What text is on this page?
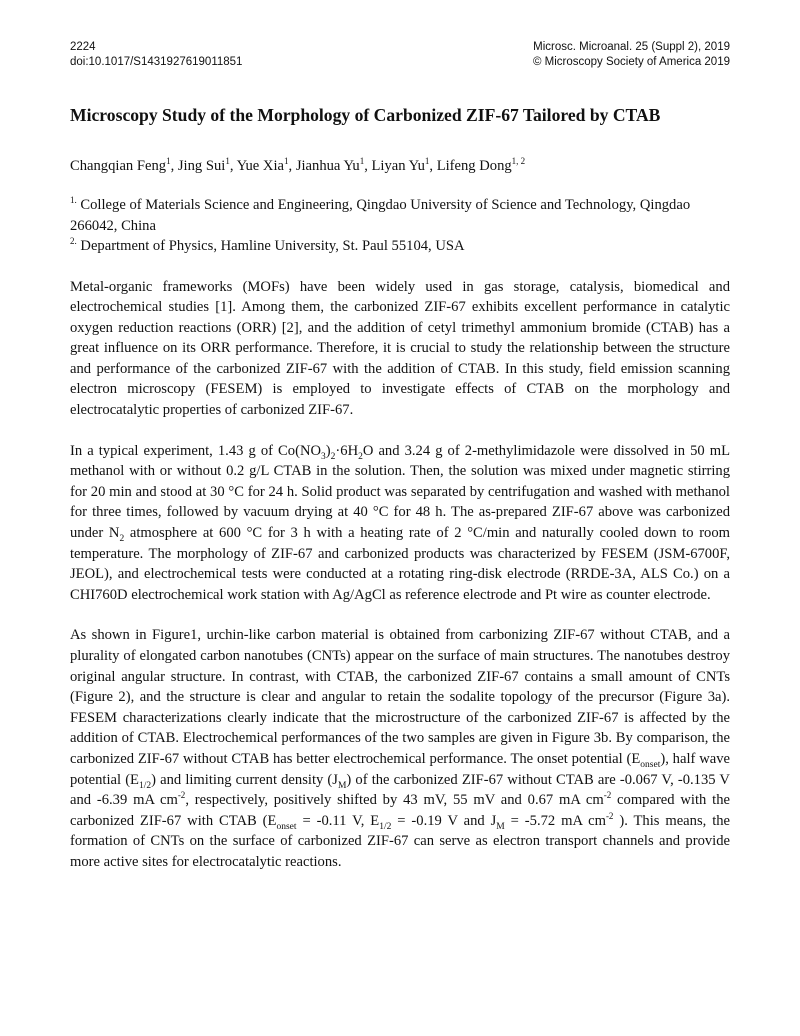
2224
doi:10.1017/S1431927619011851
Microsc. Microanal. 25 (Suppl 2), 2019
© Microscopy Society of America 2019
Microscopy Study of the Morphology of Carbonized ZIF-67 Tailored by CTAB
Changqian Feng$^1$, Jing Sui$^1$, Yue Xia$^1$, Jianhua Yu$^1$, Liyan Yu$^1$, Lifeng Dong$^{1, 2}$
$^{1.}$ College of Materials Science and Engineering, Qingdao University of Science and Technology, Qingdao 266042, China
$^{2.}$ Department of Physics, Hamline University, St. Paul 55104, USA
Metal-organic frameworks (MOFs) have been widely used in gas storage, catalysis, biomedical and electrochemical studies [1]. Among them, the carbonized ZIF-67 exhibits excellent performance in catalytic oxygen reduction reactions (ORR) [2], and the addition of cetyl trimethyl ammonium bromide (CTAB) has a great influence on its ORR performance. Therefore, it is crucial to study the relationship between the structure and performance of the carbonized ZIF-67 with the addition of CTAB. In this study, field emission scanning electron microscopy (FESEM) is employed to investigate effects of CTAB on the morphology and electrocatalytic properties of carbonized ZIF-67.
In a typical experiment, 1.43 g of $Co(NO_3)_2\cdot 6H_2O$ and 3.24 g of 2-methylimidazole were dissolved in 50 mL methanol with or without 0.2 g/L CTAB in the solution. Then, the solution was mixed under magnetic stirring for 20 min and stood at 30 °C for 24 h. Solid product was separated by centrifugation and washed with methanol for three times, followed by vacuum drying at 40 °C for 48 h. The as-prepared ZIF-67 above was carbonized under $N_2$ atmosphere at 600 °C for 3 h with a heating rate of 2 °C/min and naturally cooled down to room temperature. The morphology of ZIF-67 and carbonized products was characterized by FESEM (JSM-6700F, JEOL), and electrochemical tests were conducted at a rotating ring-disk electrode (RRDE-3A, ALS Co.) on a CHI760D electrochemical work station with Ag/AgCl as reference electrode and Pt wire as counter electrode.
As shown in Figure1, urchin-like carbon material is obtained from carbonizing ZIF-67 without CTAB, and a plurality of elongated carbon nanotubes (CNTs) appear on the surface of main structures. The nanotubes destroy original angular structure. In contrast, with CTAB, the carbonized ZIF-67 contains a small amount of CNTs (Figure 2), and the structure is clear and angular to retain the sodalite topology of the precursor (Figure 3a). FESEM characterizations clearly indicate that the microstructure of the carbonized ZIF-67 is affected by the addition of CTAB. Electrochemical performances of the two samples are given in Figure 3b. By comparison, the carbonized ZIF-67 without CTAB has better electrochemical performance. The onset potential $(E_{onset})$, half wave potential $(E_{1/2})$ and limiting current density $(J_M)$ of the carbonized ZIF-67 without CTAB are -0.067 V, -0.135 V and -6.39 mA $cm^{-2}$, respectively, positively shifted by 43 mV, 55 mV and 0.67 mA $cm^{-2}$ compared with the carbonized ZIF-67 with CTAB ($E_{onset} = -0.11$ V, $E_{1/2} = -0.19$ V and $J_M = -5.72$ mA $cm^{-2}$ ). This means, the formation of CNTs on the surface of carbonized ZIF-67 can serve as electron transport channels and provide more active sites for electrocatalytic reactions.
